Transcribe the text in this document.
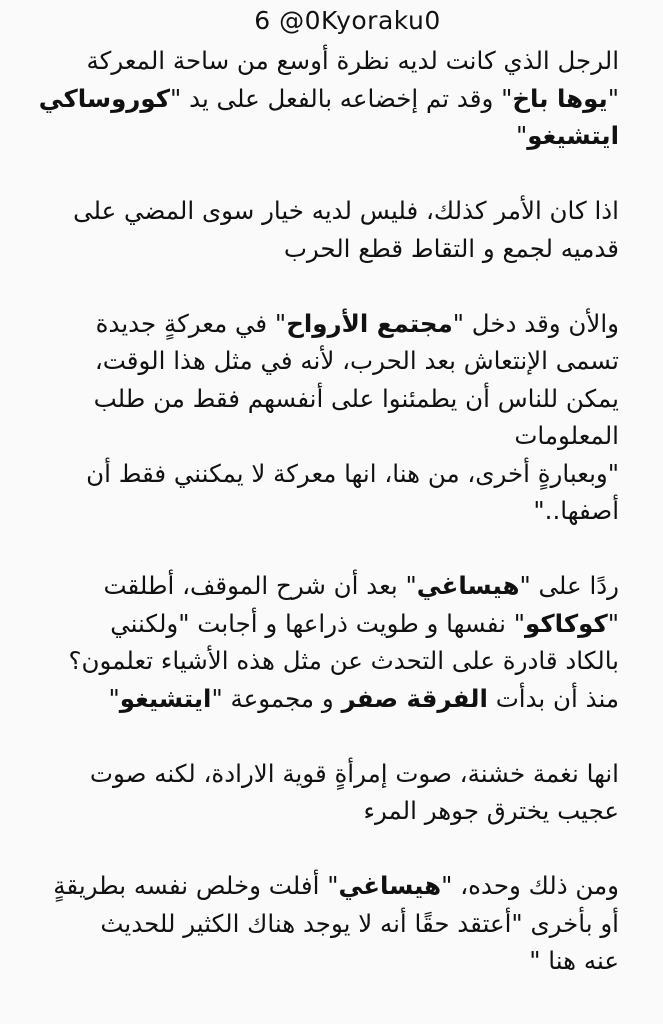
6 @0Kyoraku0
الرجل الذي كانت لديه نظرة أوسع من ساحة المعركة
"يوها باخ" وقد تم إخضاعه بالفعل على يد "كوروساكي
ايتشيغو"
اذا كان الأمر كذلك، فليس لديه خيار سوى المضي على
قدميه لجمع و التقاط قطع الحرب
والأن وقد دخل "مجتمع الأرواح" في معركةٍ جديدة
تسمى الإنتعاش بعد الحرب، لأنه في مثل هذا الوقت،
يمكن للناس أن يطمئنوا على أنفسهم فقط من طلب
المعلومات
"وبعبارةٍ أخرى، من هنا، انها معركة لا يمكنني فقط أن
أصفها.."
ردًا على "هيساغي" بعد أن شرح الموقف، أطلقت
"كوكاكو" نفسها و طويت ذراعها و أجابت "ولكنني
بالكاد قادرة على التحدث عن مثل هذه الأشياء تعلمون؟
منذ أن بدأت الفرقة صفر و مجموعة "ايتشيغو"
انها نغمة خشنة، صوت إمرأةٍ قوية الارادة، لكنه صوت
عجيب يخترق جوهر المرء
ومن ذلك وحده، "هيساغي" أفلت وخلص نفسه بطريقةٍ
أو بأخرى "أعتقد حقًا أنه لا يوجد هناك الكثير للحديث
عنه هنا "
